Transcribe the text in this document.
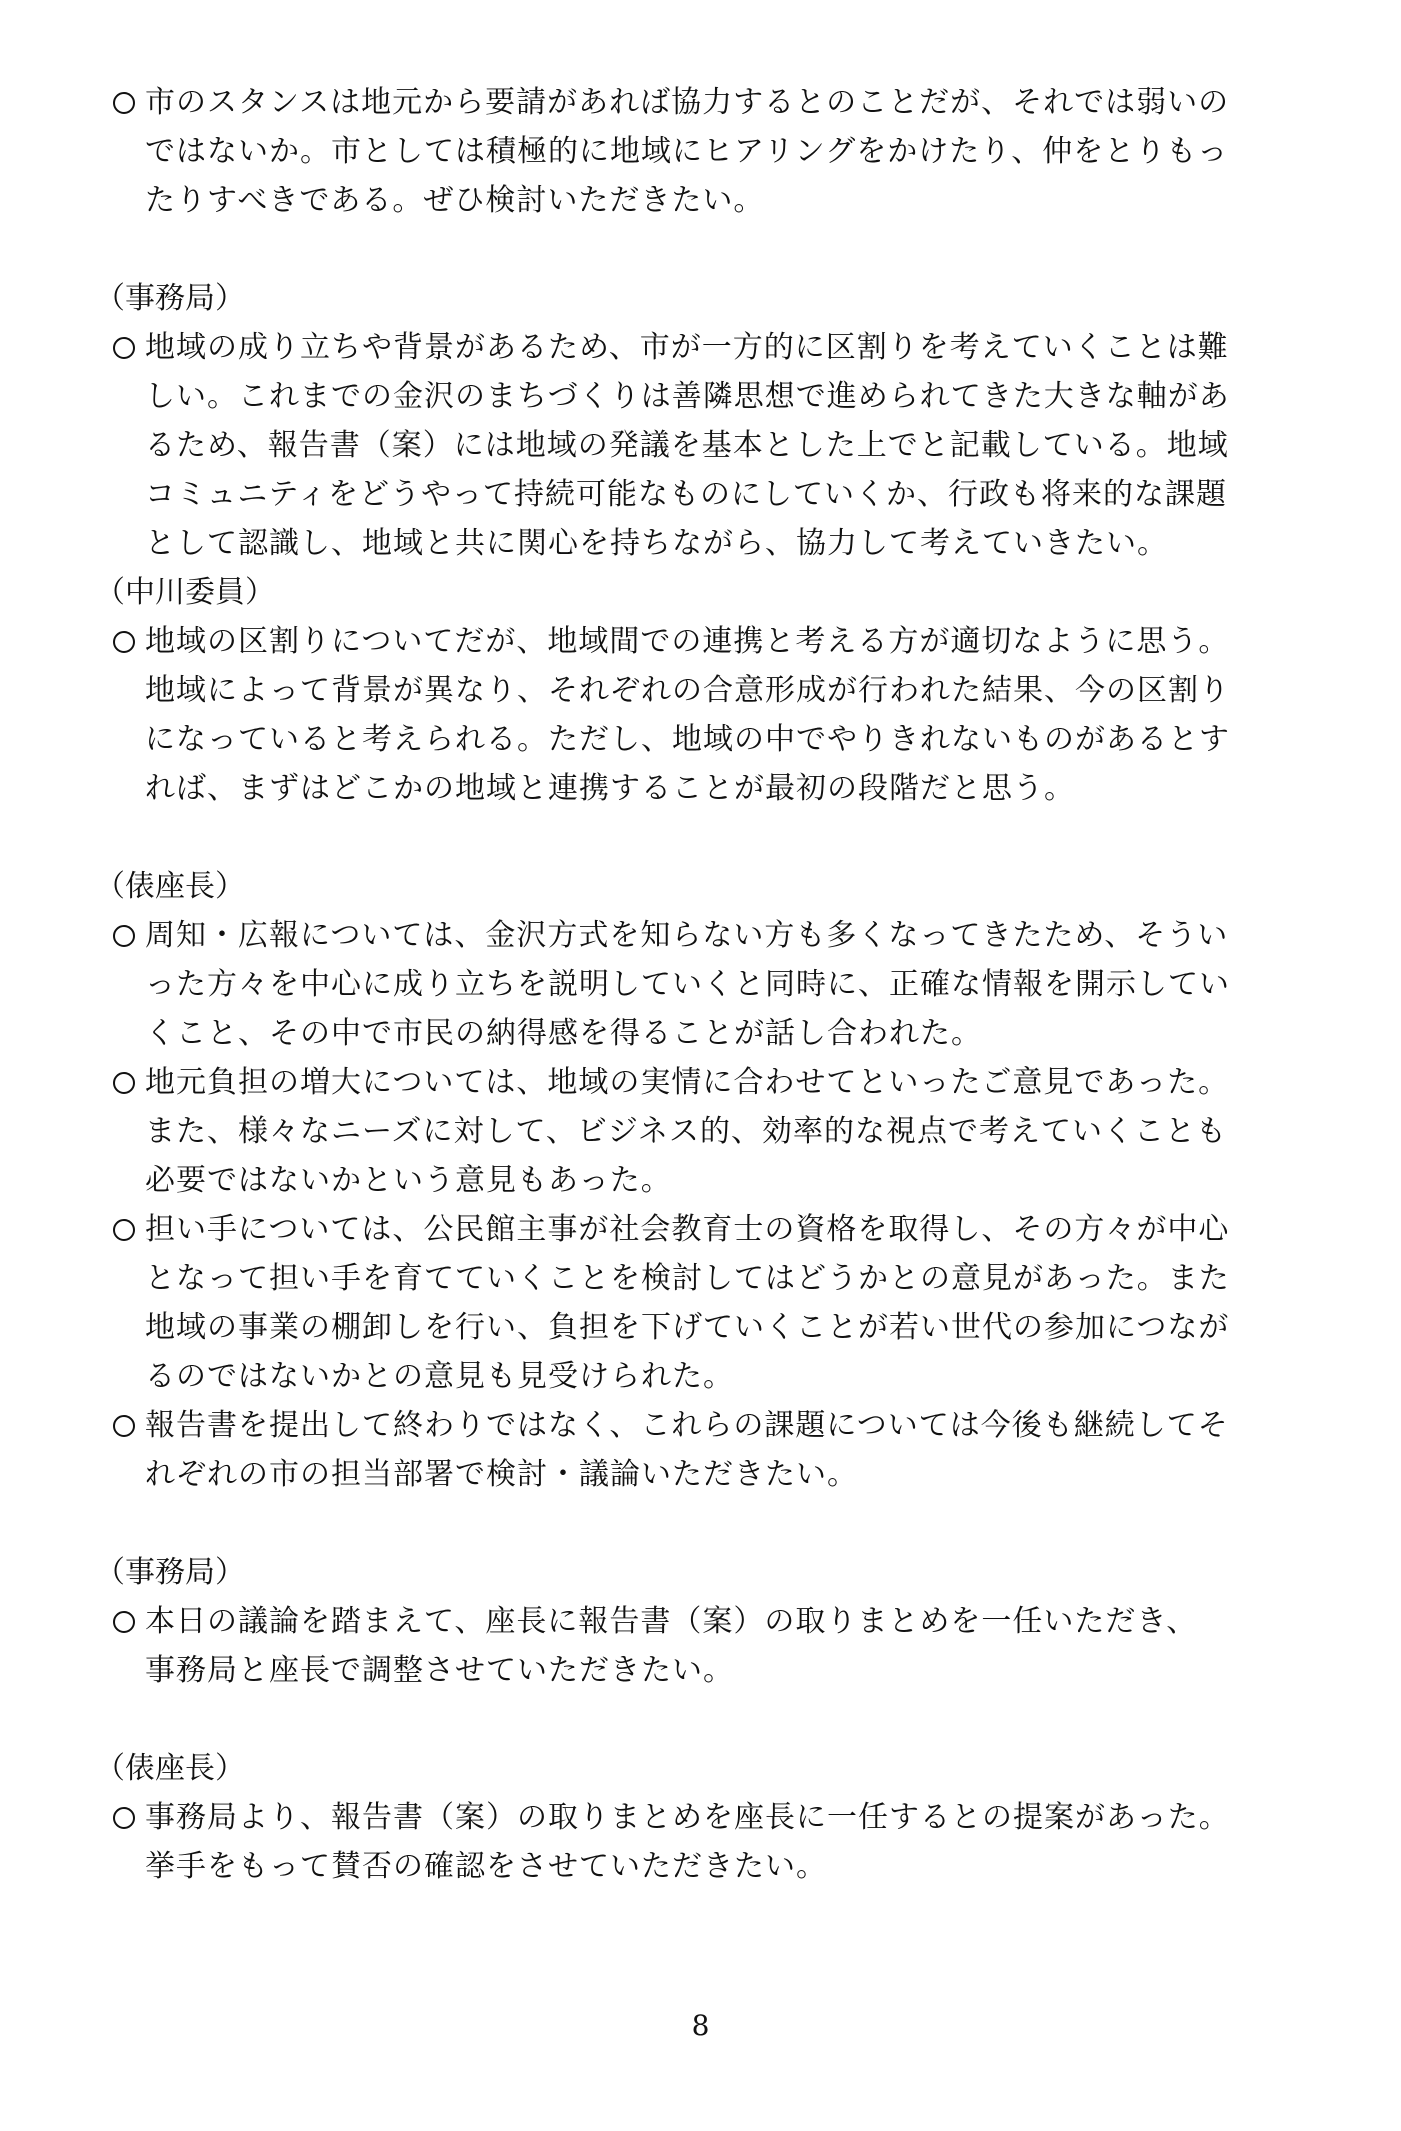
市のスタンスは地元から要請があれば協力するとのことだが、それでは弱いの
ではないか。市としては積極的に地域にヒアリングをかけたり、仲をとりもっ
たりすべきである。ぜひ検討いただきたい。
（事務局）
地域の成り立ちや背景があるため、市が一方的に区割りを考えていくことは難
しい。これまでの金沢のまちづくりは善隣思想で進められてきた大きな軸があ
るため、報告書（案）には地域の発議を基本とした上でと記載している。地域
コミュニティをどうやって持続可能なものにしていくか、行政も将来的な課題
として認識し、地域と共に関心を持ちながら、協力して考えていきたい。
（中川委員）
地域の区割りについてだが、地域間での連携と考える方が適切なように思う。
地域によって背景が異なり、それぞれの合意形成が行われた結果、今の区割り
になっていると考えられる。ただし、地域の中でやりきれないものがあるとす
れば、まずはどこかの地域と連携することが最初の段階だと思う。
（俵座長）
周知・広報については、金沢方式を知らない方も多くなってきたため、そうい
った方々を中心に成り立ちを説明していくと同時に、正確な情報を開示してい
くこと、その中で市民の納得感を得ることが話し合われた。
地元負担の増大については、地域の実情に合わせてといったご意見であった。
また、様々なニーズに対して、ビジネス的、効率的な視点で考えていくことも
必要ではないかという意見もあった。
担い手については、公民館主事が社会教育士の資格を取得し、その方々が中心
となって担い手を育てていくことを検討してはどうかとの意見があった。また
地域の事業の棚卸しを行い、負担を下げていくことが若い世代の参加につなが
るのではないかとの意見も見受けられた。
報告書を提出して終わりではなく、これらの課題については今後も継続してそ
れぞれの市の担当部署で検討・議論いただきたい。
（事務局）
本日の議論を踏まえて、座長に報告書（案）の取りまとめを一任いただき、
事務局と座長で調整させていただきたい。
（俵座長）
事務局より、報告書（案）の取りまとめを座長に一任するとの提案があった。
挙手をもって賛否の確認をさせていただきたい。
8
